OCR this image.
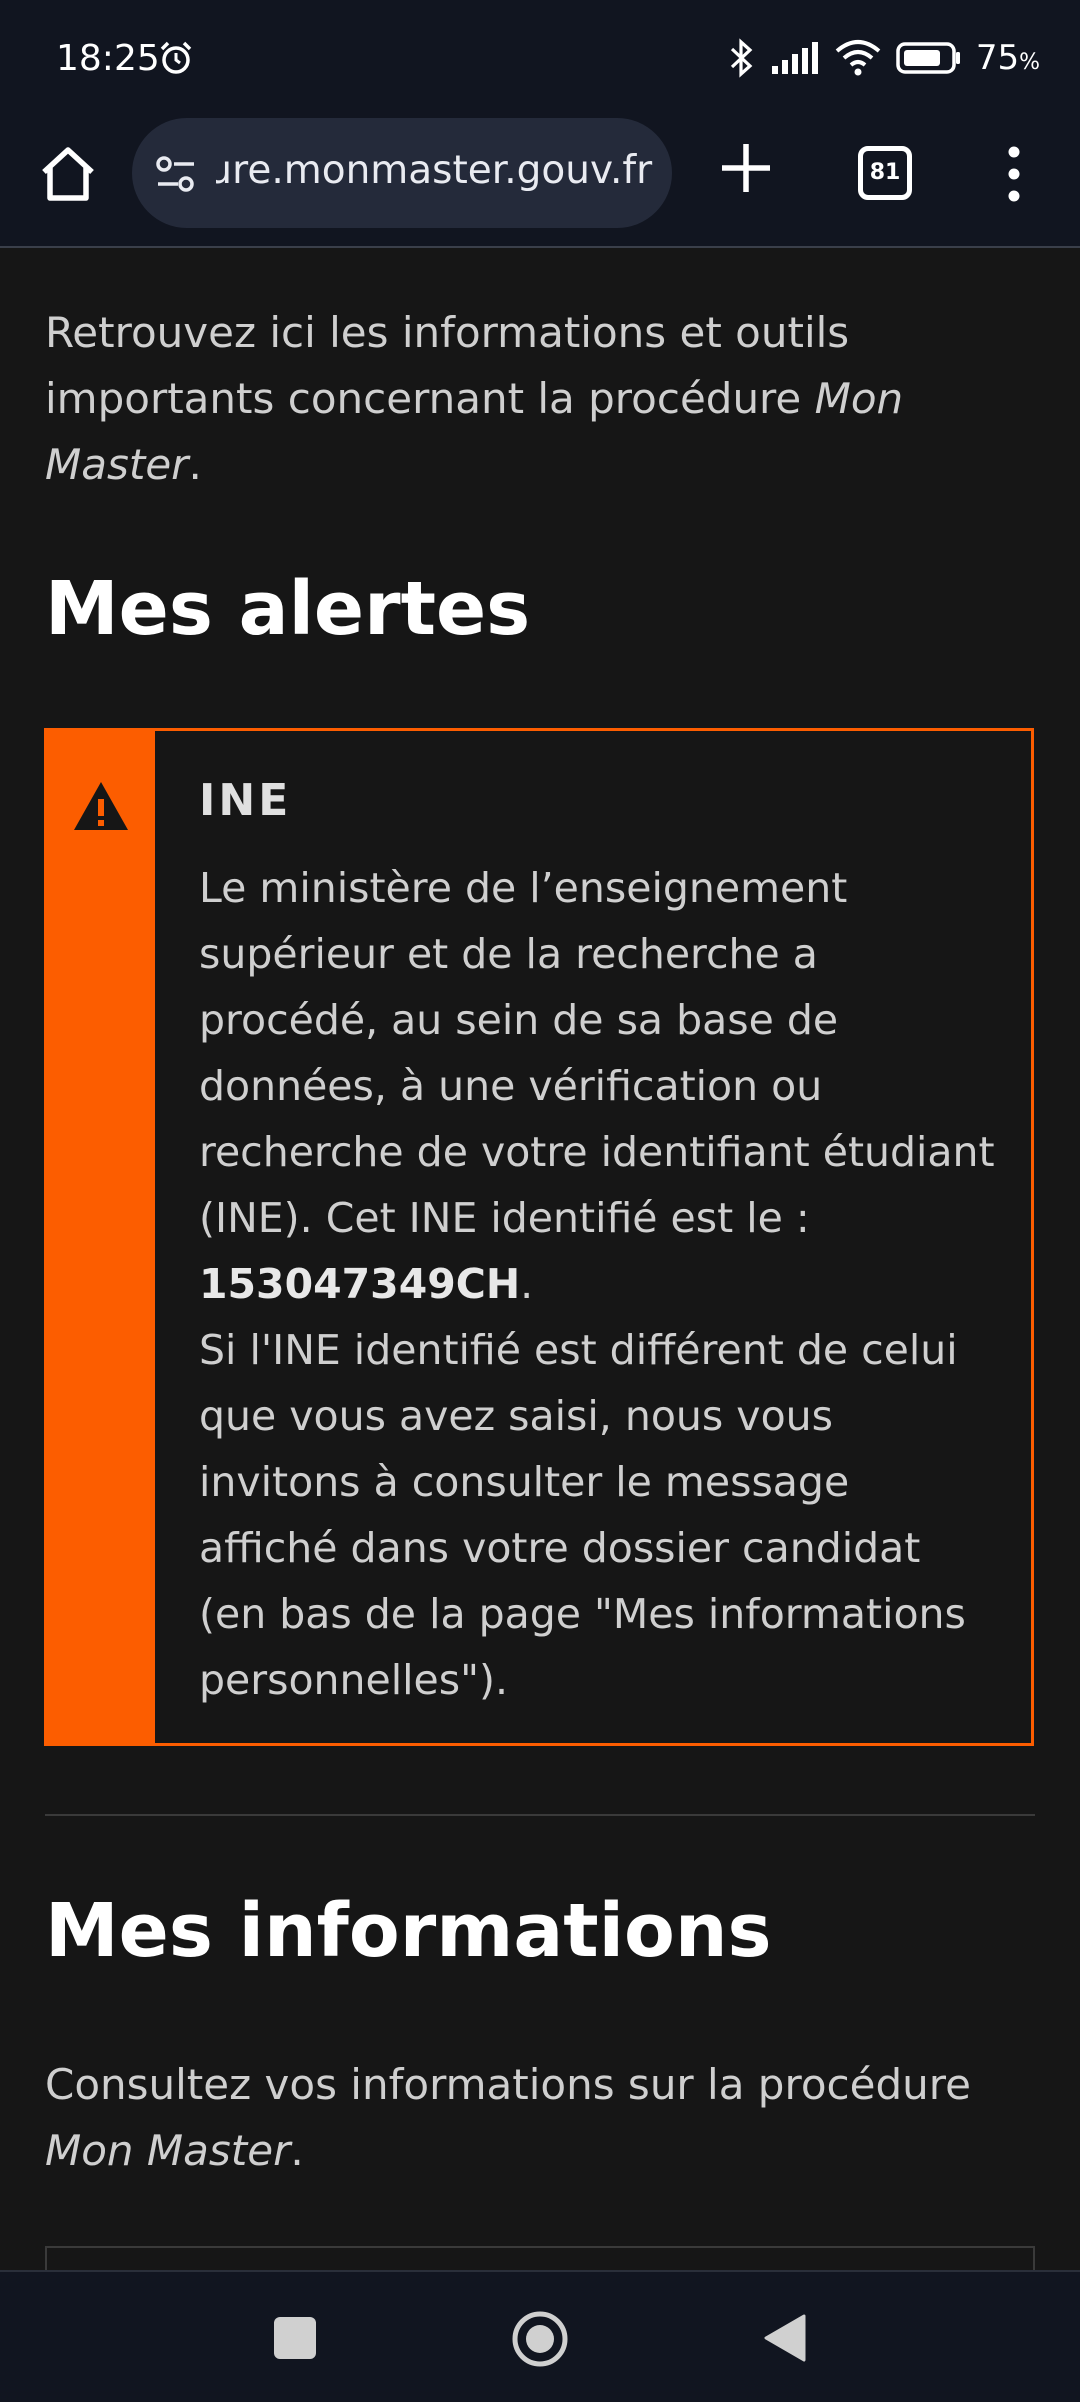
18:25	75%
ɹre.monmaster.gouv.fr	81

Retrouvez ici les informations et outils importants concernant la procédure Mon Master.

Mes alertes
INE

Le ministère de l’enseignement supérieur et de la recherche a procédé, au sein de sa base de données, à une vérification ou recherche de votre identifiant étudiant (INE). Cet INE identifié est le : 153047349CH.
Si l'INE identifié est différent de celui que vous avez saisi, nous vous invitons à consulter le message affiché dans votre dossier candidat (en bas de la page "Mes informations personnelles").

Mes informations

Consultez vos informations sur la procédure Mon Master.
